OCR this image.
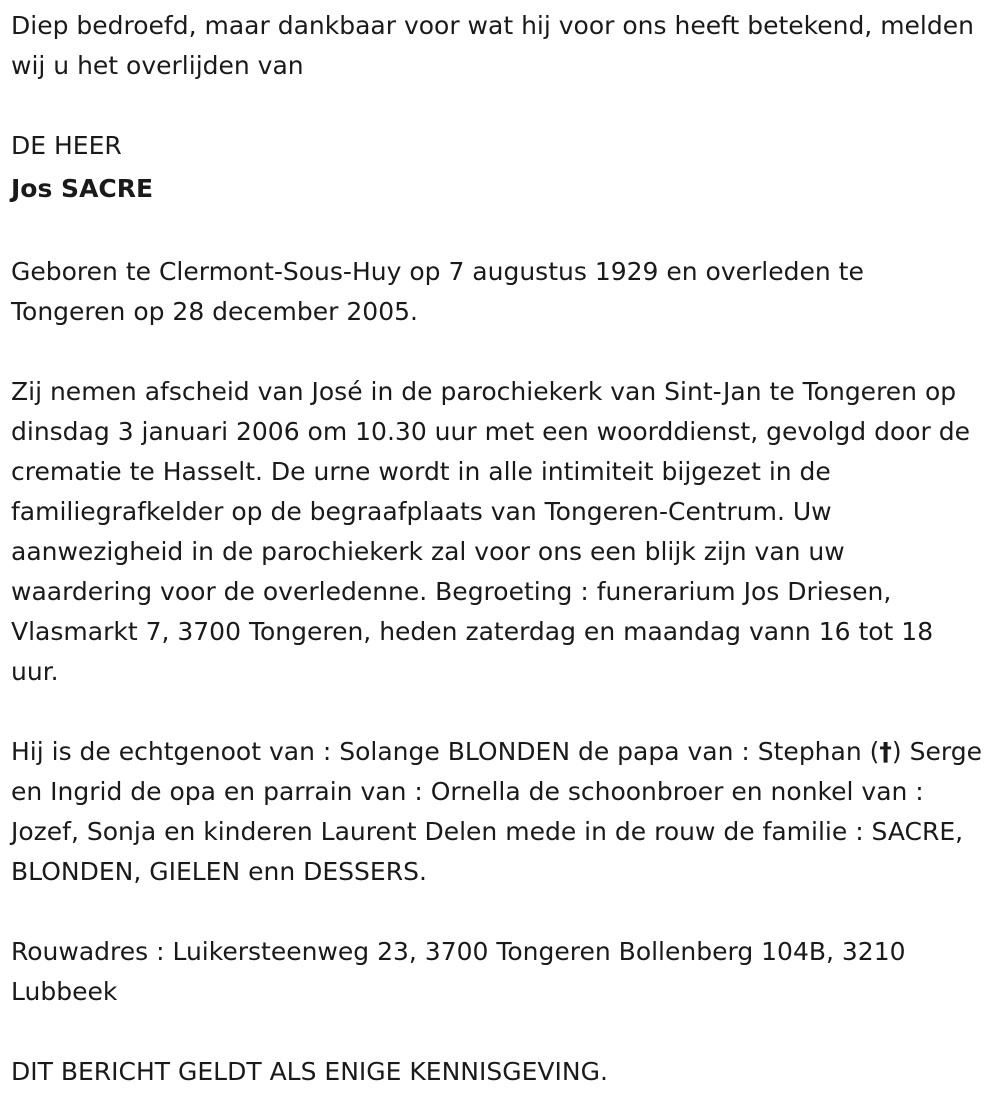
Diep bedroefd, maar dankbaar voor wat hij voor ons heeft betekend, melden wij u het overlijden van

DE HEER

Jos SACRE

Geboren te Clermont-Sous-Huy op 7 augustus 1929 en overleden te Tongeren op 28 december 2005.

Zij nemen afscheid van José in de parochiekerk van Sint-Jan te Tongeren op dinsdag 3 januari 2006 om 10.30 uur met een woorddienst, gevolgd door de crematie te Hasselt. De urne wordt in alle intimiteit bijgezet in de familiegrafkelder op de begraafplaats van Tongeren-Centrum. Uw aanwezigheid in de parochiekerk zal voor ons een blijk zijn van uw waardering voor de overledenne. Begroeting : funerarium Jos Driesen, Vlasmarkt 7, 3700 Tongeren, heden zaterdag en maandag vann 16 tot 18 uur.

Hij is de echtgenoot van : Solange BLONDEN de papa van : Stephan (†) Serge en Ingrid de opa en parrain van : Ornella de schoonbroer en nonkel van : Jozef, Sonja en kinderen Laurent Delen mede in de rouw de familie : SACRE, BLONDEN, GIELEN enn DESSERS.

Rouwadres : Luikersteenweg 23, 3700 Tongeren Bollenberg 104B, 3210 Lubbeek

DIT BERICHT GELDT ALS ENIGE KENNISGEVING.
